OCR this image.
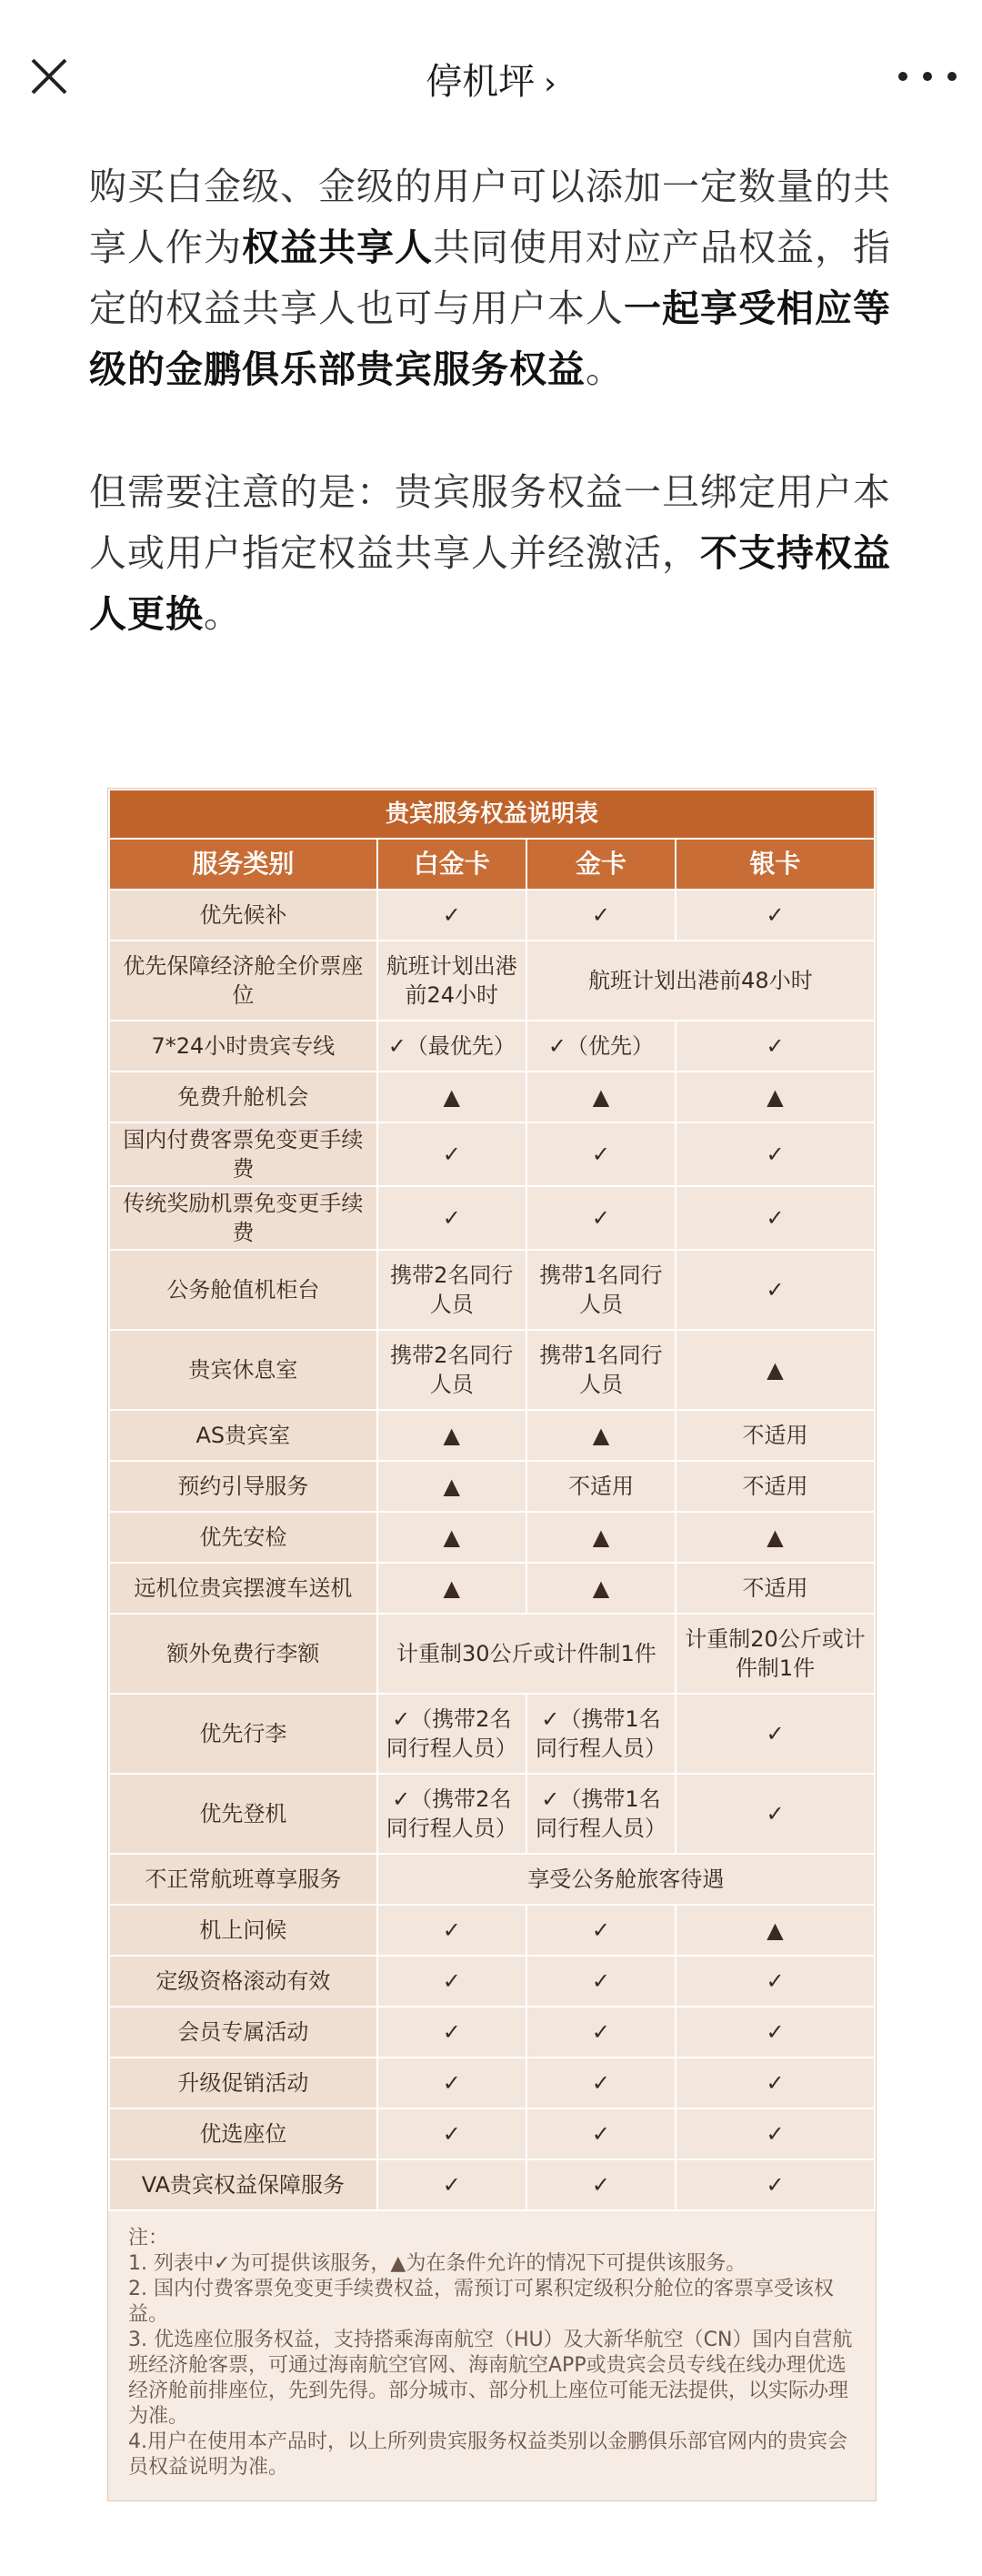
停机坪 ›

购买白金级、金级的用户可以添加一定数量的共享人作为权益共享人共同使用对应产品权益，指定的权益共享人也可与用户本人一起享受相应等级的金鹏俱乐部贵宾服务权益。

但需要注意的是：贵宾服务权益一旦绑定用户本人或用户指定权益共享人并经激活，不支持权益人更换。

贵宾服务权益说明表			
服务类别	白金卡	金卡	银卡
优先候补	✓	✓	✓
优先保障经济舱全价票座位	航班计划出港前24小时	航班计划出港前48小时	
7*24小时贵宾专线	✓（最优先）	✓（优先）	✓
免费升舱机会	▲	▲	▲
国内付费客票免变更手续费	✓	✓	✓
传统奖励机票免变更手续费	✓	✓	✓
公务舱值机柜台	携带2名同行人员	携带1名同行人员	✓
贵宾休息室	携带2名同行人员	携带1名同行人员	▲
AS贵宾室	▲	▲	不适用
预约引导服务	▲	不适用	不适用
优先安检	▲	▲	▲
远机位贵宾摆渡车送机	▲	▲	不适用
额外免费行李额	计重制30公斤或计件制1件		计重制20公斤或计件制1件
优先行李	✓（携带2名同行程人员）	✓（携带1名同行程人员）	✓
优先登机	✓（携带2名同行程人员）	✓（携带1名同行程人员）	✓
不正常航班尊享服务	享受公务舱旅客待遇		
机上问候	✓	✓	▲
定级资格滚动有效	✓	✓	✓
会员专属活动	✓	✓	✓
升级促销活动	✓	✓	✓
优选座位	✓	✓	✓
VA贵宾权益保障服务	✓	✓	✓

注：

1. 列表中✓为可提供该服务，▲为在条件允许的情况下可提供该服务。

2. 国内付费客票免变更手续费权益，需预订可累积定级积分舱位的客票享受该权益。

3. 优选座位服务权益，支持搭乘海南航空（HU）及大新华航空（CN）国内自营航班经济舱客票，可通过海南航空官网、海南航空APP或贵宾会员专线在线办理优选经济舱前排座位，先到先得。部分城市、部分机上座位可能无法提供，以实际办理为准。

4.用户在使用本产品时，以上所列贵宾服务权益类别以金鹏俱乐部官网内的贵宾会员权益说明为准。
